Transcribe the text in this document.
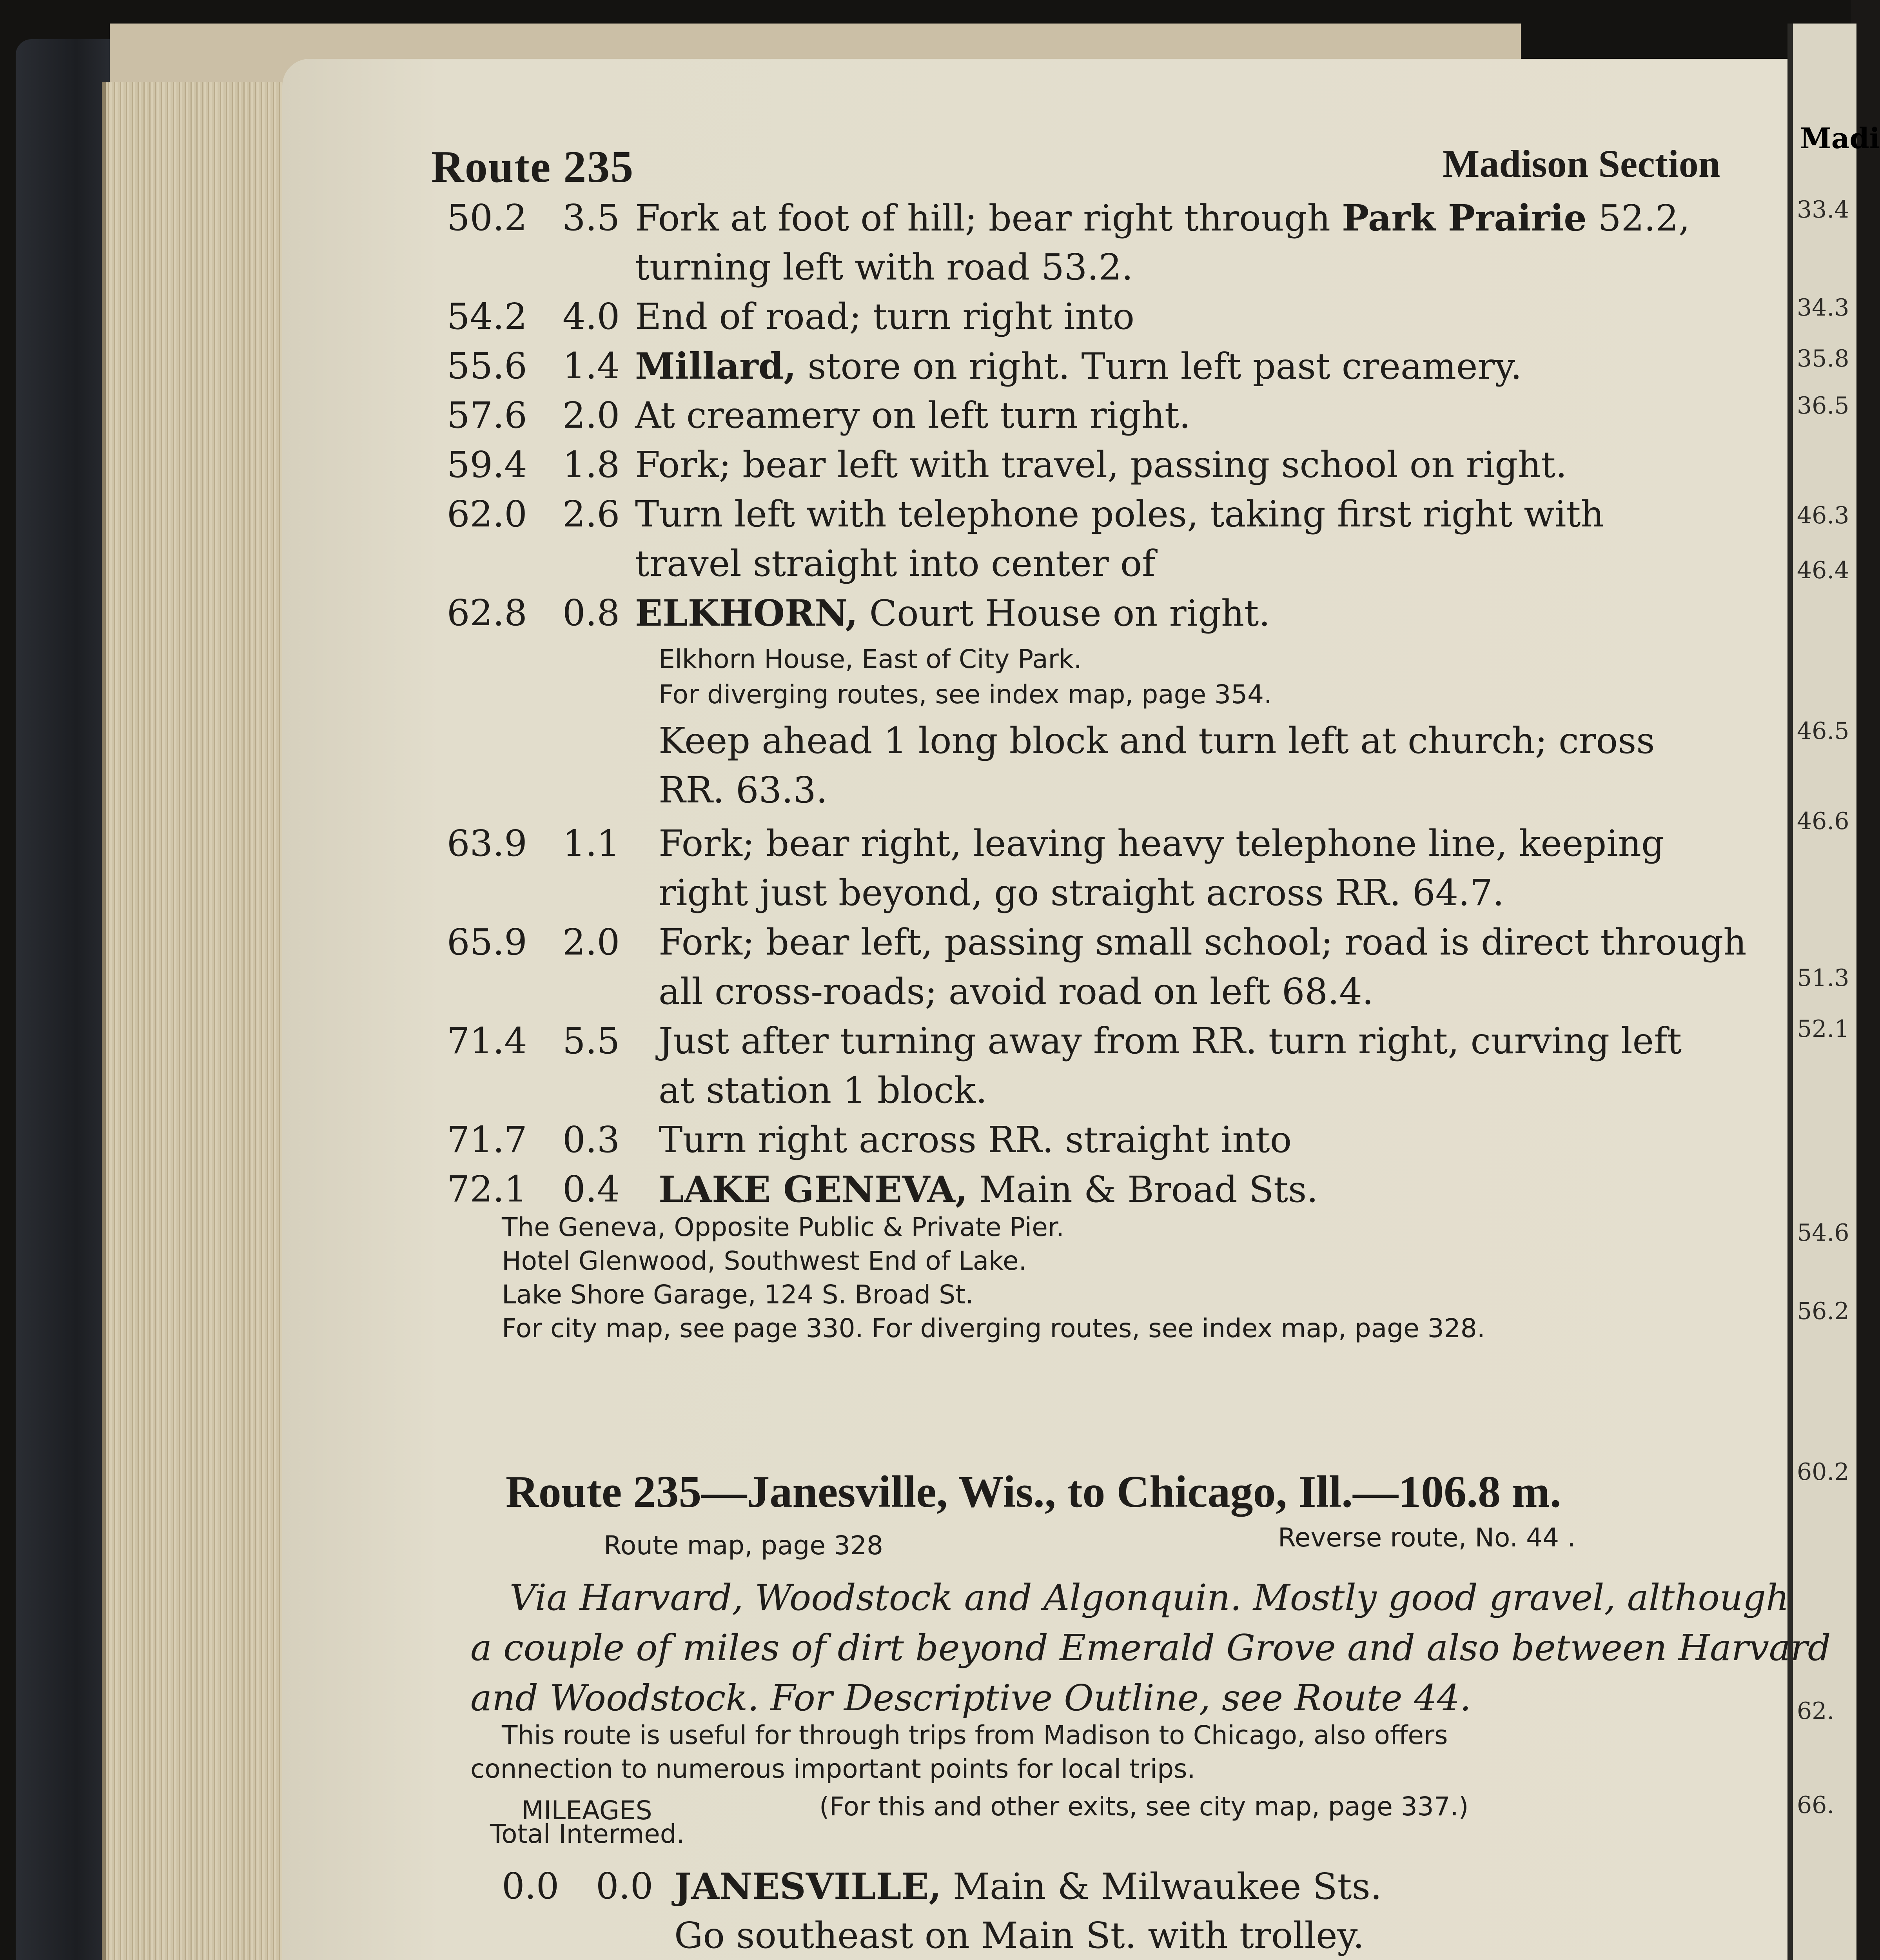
Madi
33.4
34.3
35.8
36.5
46.3
46.4
46.5
46.6
51.3
52.1
54.6
56.2
60.2
62.
66.
Route 235	Madison Section
50.2 3.5 Fork at foot of hill; bear right through Park Prairie 52.2,
turning left with road 53.2.
54.2 4.0 End of road; turn right into
55.6 1.4 Millard, store on right. Turn left past creamery.
57.6 2.0 At creamery on left turn right.
59.4 1.8 Fork; bear left with travel, passing school on right.
62.0 2.6 Turn left with telephone poles, taking first right with
travel straight into center of
62.8 0.8 ELKHORN, Court House on right.
Elkhorn House, East of City Park.
For diverging routes, see index map, page 354.
Keep ahead 1 long block and turn left at church; cross
RR. 63.3.
63.9 1.1 Fork; bear right, leaving heavy telephone line, keeping
right just beyond, go straight across RR. 64.7.
65.9 2.0 Fork; bear left, passing small school; road is direct through
all cross-roads; avoid road on left 68.4.
71.4 5.5 Just after turning away from RR. turn right, curving left
at station 1 block.
71.7 0.3 Turn right across RR. straight into
72.1 0.4 LAKE GENEVA, Main & Broad Sts.
The Geneva, Opposite Public & Private Pier.
Hotel Glenwood, Southwest End of Lake.
Lake Shore Garage, 124 S. Broad St.
For city map, see page 330. For diverging routes, see index map, page 328.
Route map, page 328	Reverse route, No. 44 .
Via Harvard, Woodstock and Algonquin. Mostly good gravel, although
a couple of miles of dirt beyond Emerald Grove and also between Harvard
and Woodstock. For Descriptive Outline, see Route 44.
This route is useful for through trips from Madison to Chicago, also offers
connection to numerous important points for local trips.
MILEAGES
Total Intermed.
(For this and other exits, see city map, page 337.)
0.0 0.0 JANESVILLE, Main & Milwaukee Sts.
Go southeast on Main St. with trolley.
Route 235—Janesville, Wis., to Chicago, Ill.—106.8 m.
